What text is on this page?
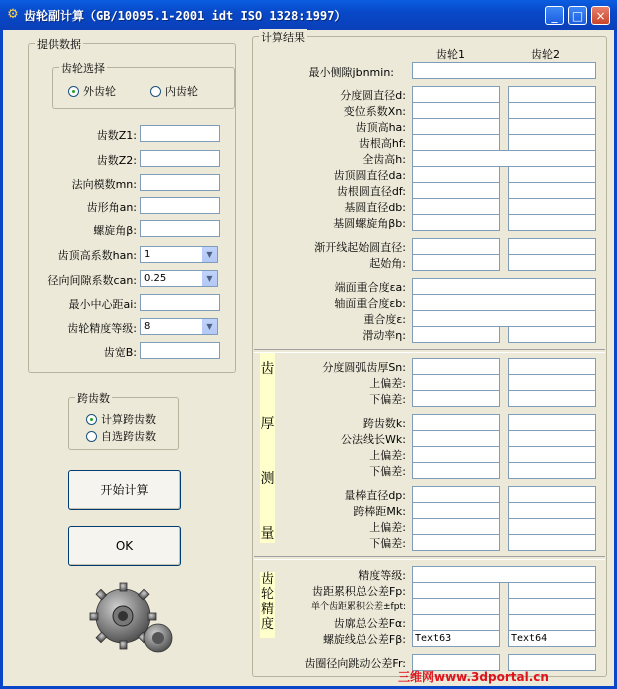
⚙ 齿轮副计算（GB/10095.1-2001 idt ISO 1328:1997）	_	□	×
提供数据
齿轮选择
外齿轮	内齿轮
齿数Z1:
齿数Z2:
法向模数mn:
齿形角an:
螺旋角β:
齿顶高系数han: 1	▼
径向间隙系数can: 0.25	▼
最小中心距ai:
齿轮精度等级: 8	▼
齿宽B:
跨齿数
计算跨齿数
自选跨齿数
开始计算
OK
计算结果
齿轮1	齿轮2
最小侧隙jbnmin:
分度圆直径d:
变位系数Xn:
齿顶高ha:
齿根高hf:
全齿高h:
齿顶圆直径da:
齿根圆直径df:
基圆直径db:
基圆螺旋角βb:
渐开线起始圆直径:
起始角:
端面重合度εa:
轴面重合度εb:
重合度ε:
滑动率η:
分度圆弧齿厚Sn:
上偏差:
下偏差:
跨齿数k:
公法线长Wk:
上偏差:
下偏差:
量棒直径dp:
跨棒距Mk:
上偏差:
下偏差:
精度等级:
齿距累积总公差Fp:
单个齿距累积公差±fpt:
齿廓总公差Fα:
螺旋线总公差Fβ: Text63	Text64
齿圈径向跳动公差Fr:
齿
厚
测
量
齿
轮
精
度
三维网www.3dportal.cn
